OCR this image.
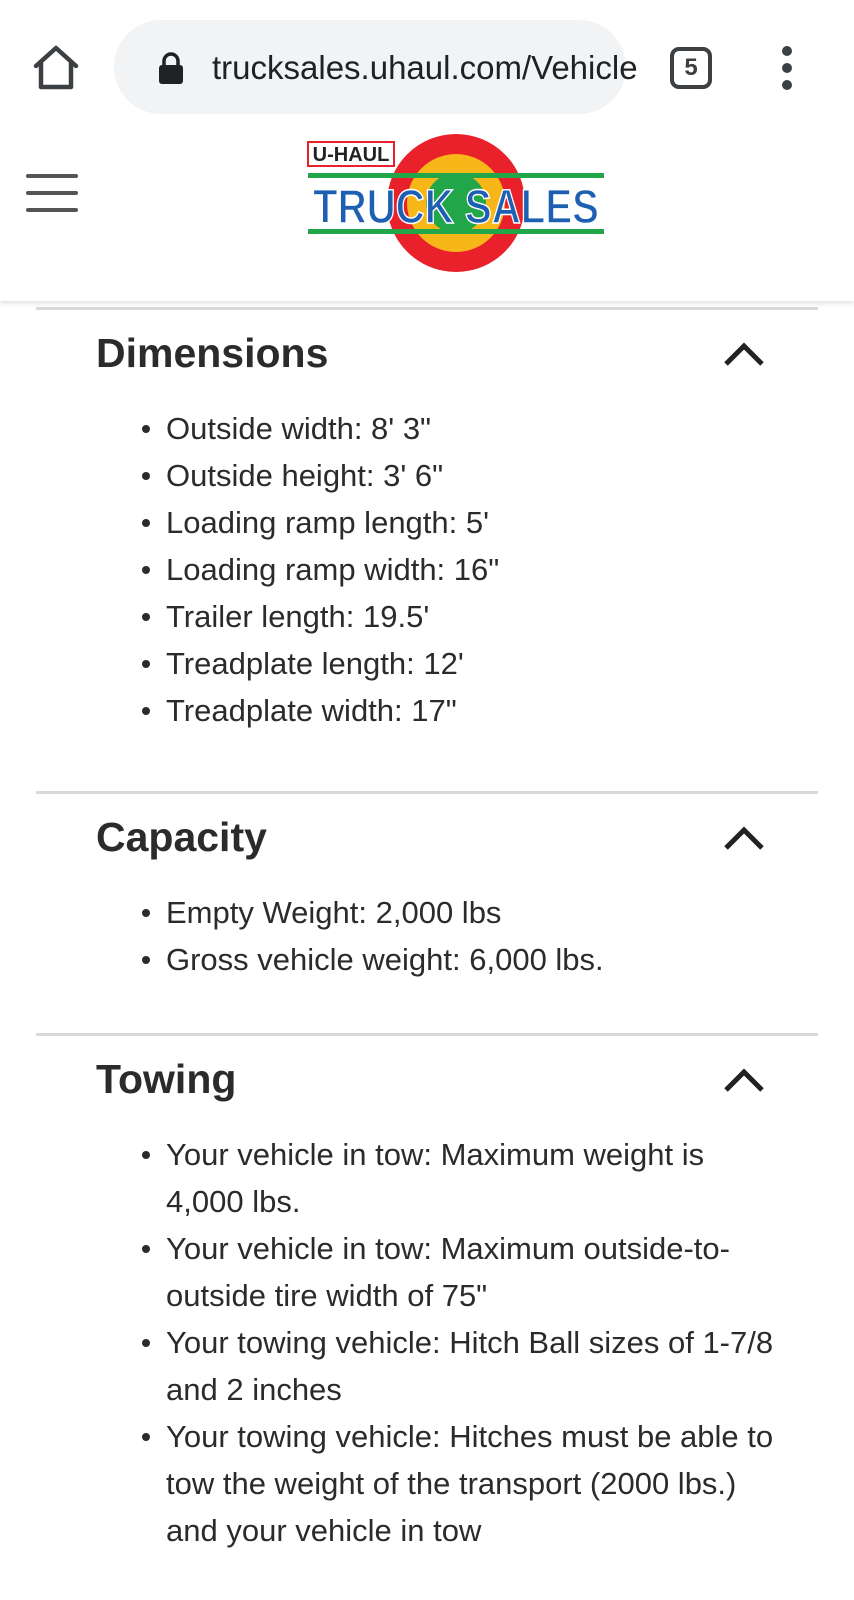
trucksales.uhaul.com/Vehicle 5
U-HAUL
TRUCK SALES
Dimensions
Outside width: 8' 3"
Outside height: 3' 6"
Loading ramp length: 5'
Loading ramp width: 16"
Trailer length: 19.5'
Treadplate length: 12'
Treadplate width: 17"
Capacity
Empty Weight: 2,000 lbs
Gross vehicle weight: 6,000 lbs.
Towing
Your vehicle in tow: Maximum weight is 4,000 lbs.
Your vehicle in tow: Maximum outside-to-outside tire width of 75"
Your towing vehicle: Hitch Ball sizes of 1-7/8 and 2 inches
Your towing vehicle: Hitches must be able to tow the weight of the transport (2000 lbs.) and your vehicle in tow
